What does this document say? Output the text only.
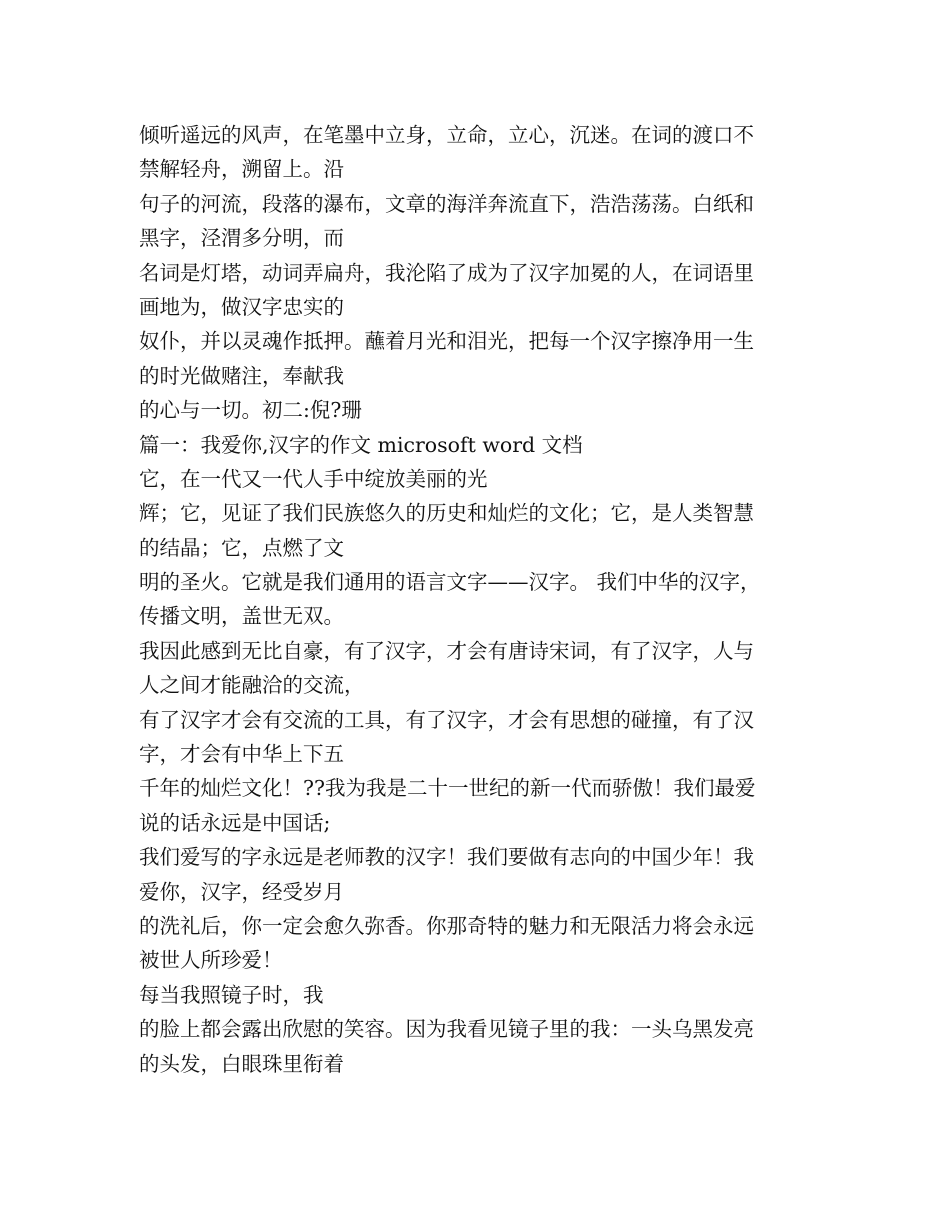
倾听遥远的风声，在笔墨中立身，立命，立心，沉迷。在词的渡口不
禁解轻舟，溯留上。沿
句子的河流，段落的瀑布，文章的海洋奔流直下，浩浩荡荡。白纸和
黑字，泾渭多分明，而
名词是灯塔，动词弄扁舟，我沦陷了成为了汉字加冕的人，在词语里
画地为，做汉字忠实的
奴仆，并以灵魂作抵押。蘸着月光和泪光，把每一个汉字擦净用一生
的时光做赌注，奉献我
的心与一切。初二:倪?珊
篇一：我爱你,汉字的作文 microsoft word 文档
它，在一代又一代人手中绽放美丽的光
辉；它，见证了我们民族悠久的历史和灿烂的文化；它，是人类智慧
的结晶；它，点燃了文
明的圣火。它就是我们通用的语言文字——汉字。 我们中华的汉字，
传播文明，盖世无双。
我因此感到无比自豪，有了汉字，才会有唐诗宋词，有了汉字，人与
人之间才能融洽的交流，
有了汉字才会有交流的工具，有了汉字，才会有思想的碰撞，有了汉
字，才会有中华上下五
千年的灿烂文化！??我为我是二十一世纪的新一代而骄傲！我们最爱
说的话永远是中国话;
我们爱写的字永远是老师教的汉字！我们要做有志向的中国少年！我
爱你，汉字，经受岁月
的洗礼后，你一定会愈久弥香。你那奇特的魅力和无限活力将会永远
被世人所珍爱！
每当我照镜子时，我
的脸上都会露出欣慰的笑容。因为我看见镜子里的我：一头乌黑发亮
的头发，白眼珠里衔着
